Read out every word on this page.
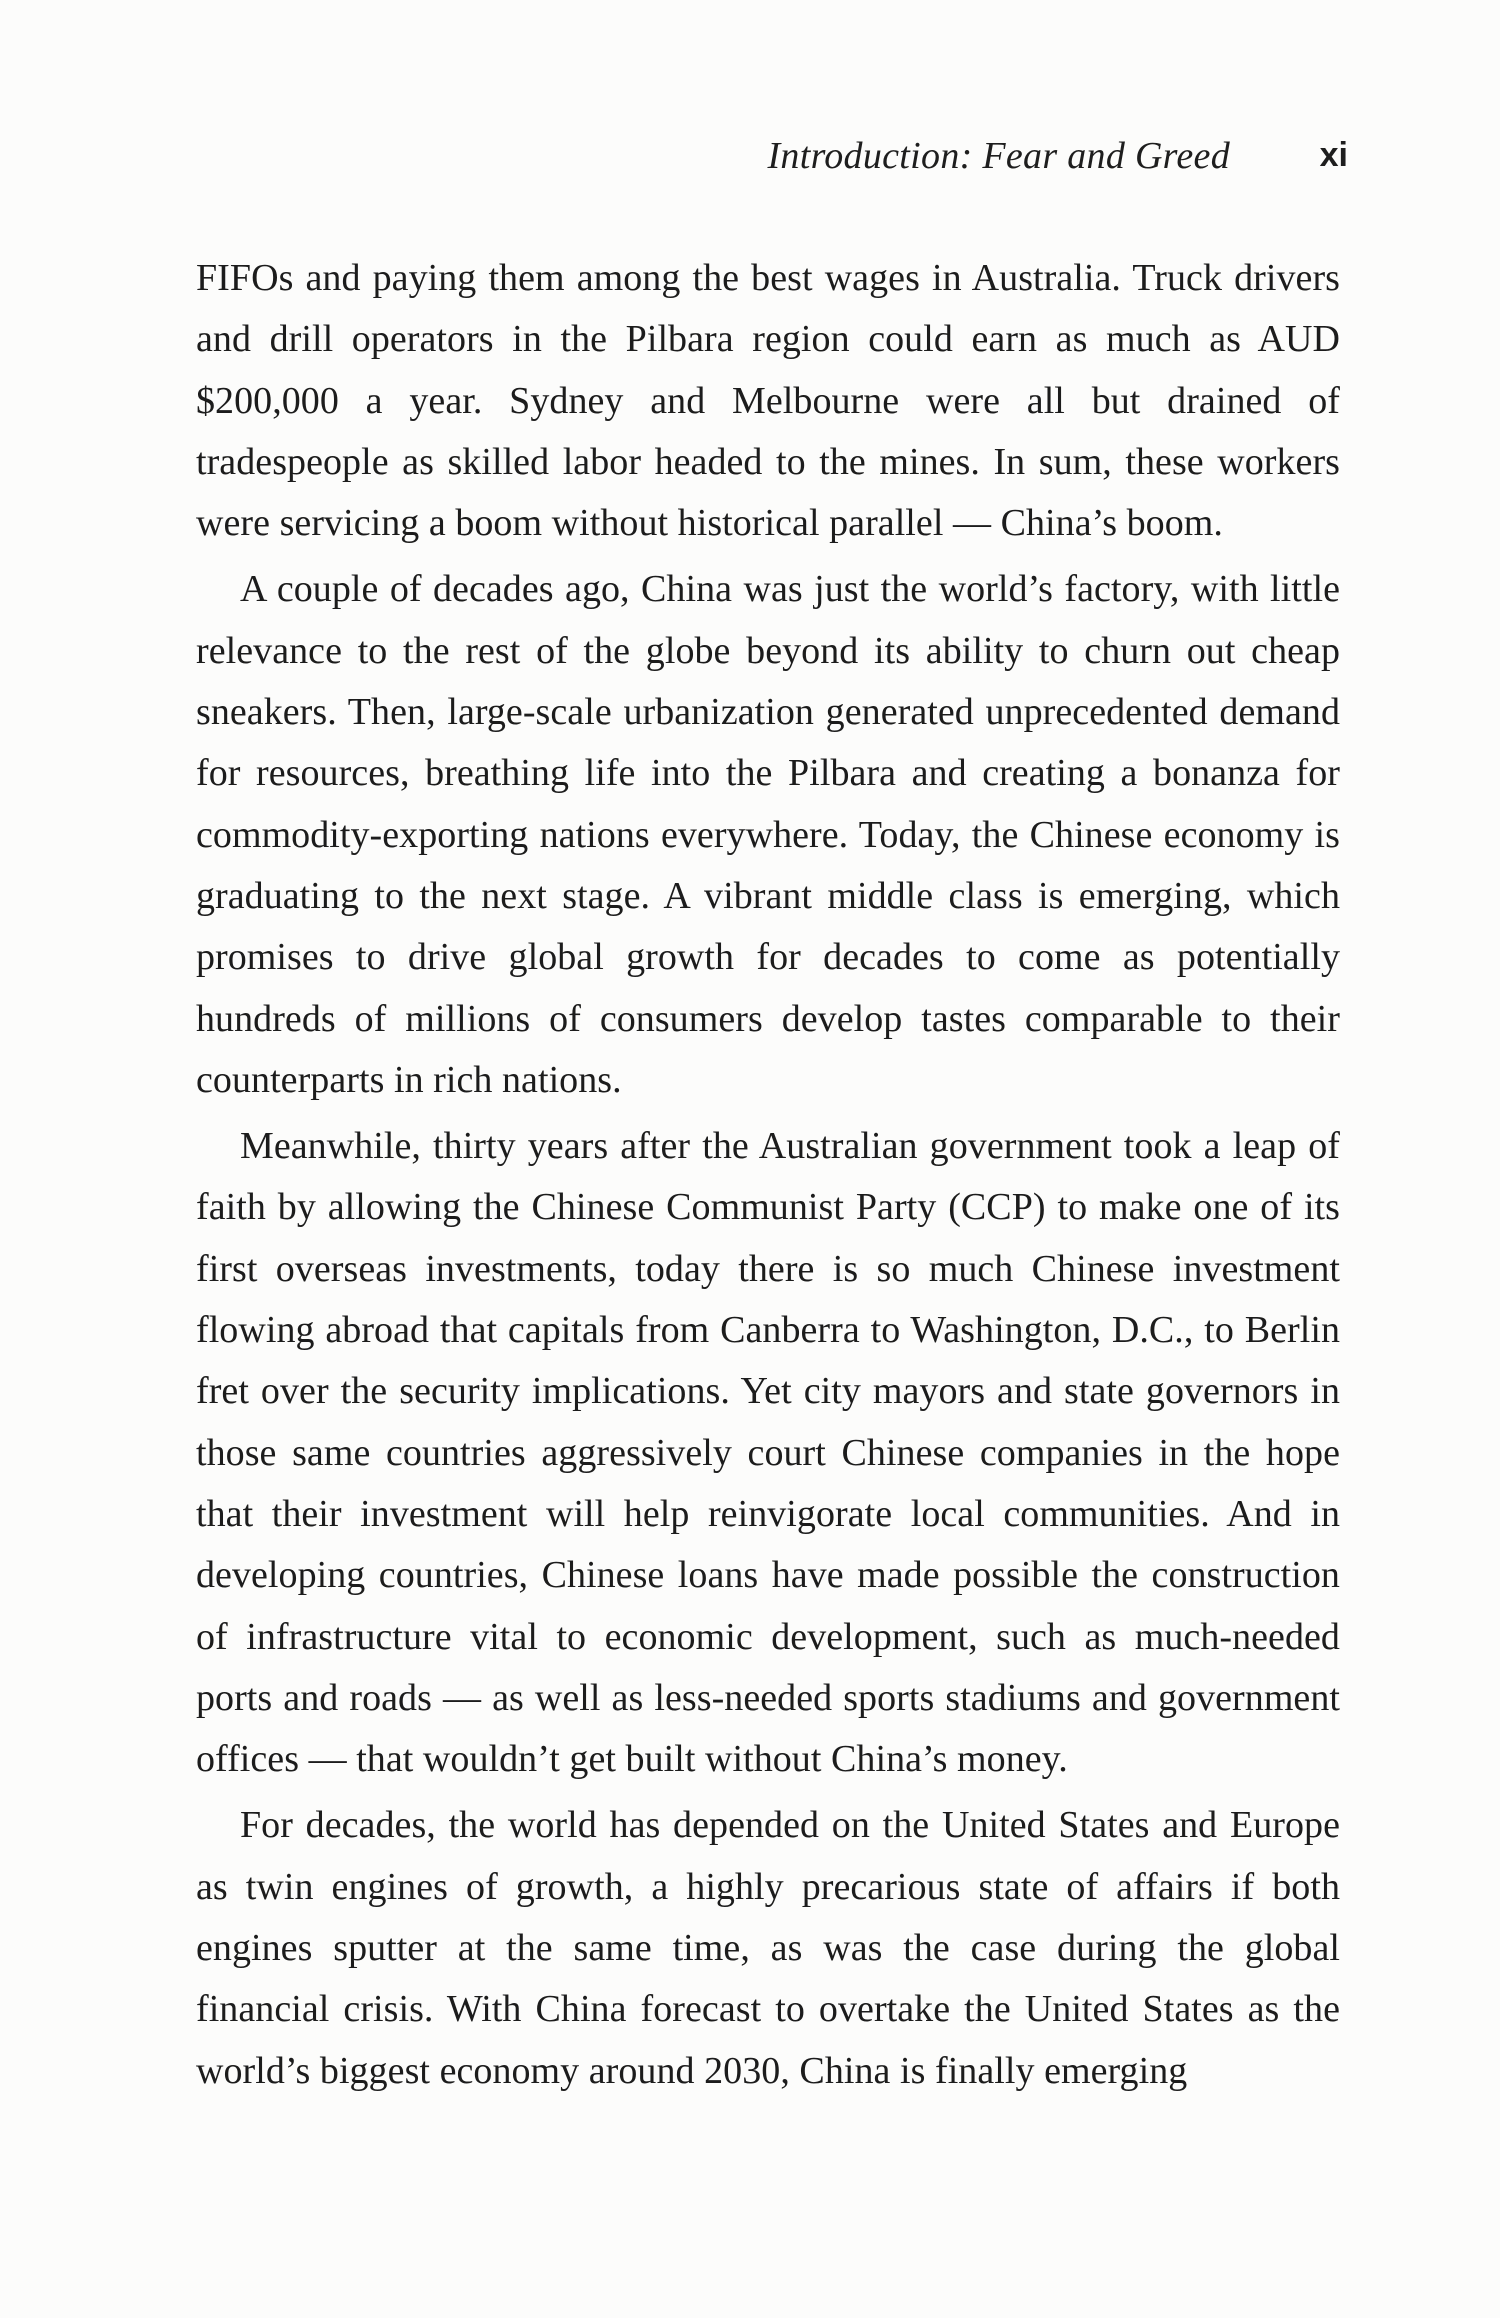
Introduction: Fear and Greed	xi

FIFOs and paying them among the best wages in Australia. Truck drivers and drill operators in the Pilbara region could earn as much as AUD $200,000 a year. Sydney and Melbourne were all but drained of tradespeople as skilled labor headed to the mines. In sum, these workers were servicing a boom without historical parallel — China’s boom.

A couple of decades ago, China was just the world’s factory, with little relevance to the rest of the globe beyond its ability to churn out cheap sneakers. Then, large-scale urbanization generated unprecedented demand for resources, breathing life into the Pilbara and creating a bonanza for commodity-exporting nations everywhere. Today, the Chinese economy is graduating to the next stage. A vibrant middle class is emerging, which promises to drive global growth for decades to come as potentially hundreds of millions of consumers develop tastes comparable to their counterparts in rich nations.

Meanwhile, thirty years after the Australian government took a leap of faith by allowing the Chinese Communist Party (CCP) to make one of its first overseas investments, today there is so much Chinese investment flowing abroad that capitals from Canberra to Washington, D.C., to Berlin fret over the security implications. Yet city mayors and state governors in those same countries aggressively court Chinese companies in the hope that their investment will help reinvigorate local communities. And in developing countries, Chinese loans have made possible the construction of infrastructure vital to economic development, such as much-needed ports and roads — as well as less-needed sports stadiums and government offices — that wouldn’t get built without China’s money.

For decades, the world has depended on the United States and Europe as twin engines of growth, a highly precarious state of affairs if both engines sputter at the same time, as was the case during the global financial crisis. With China forecast to overtake the United States as the world’s biggest economy around 2030, China is finally emerging
